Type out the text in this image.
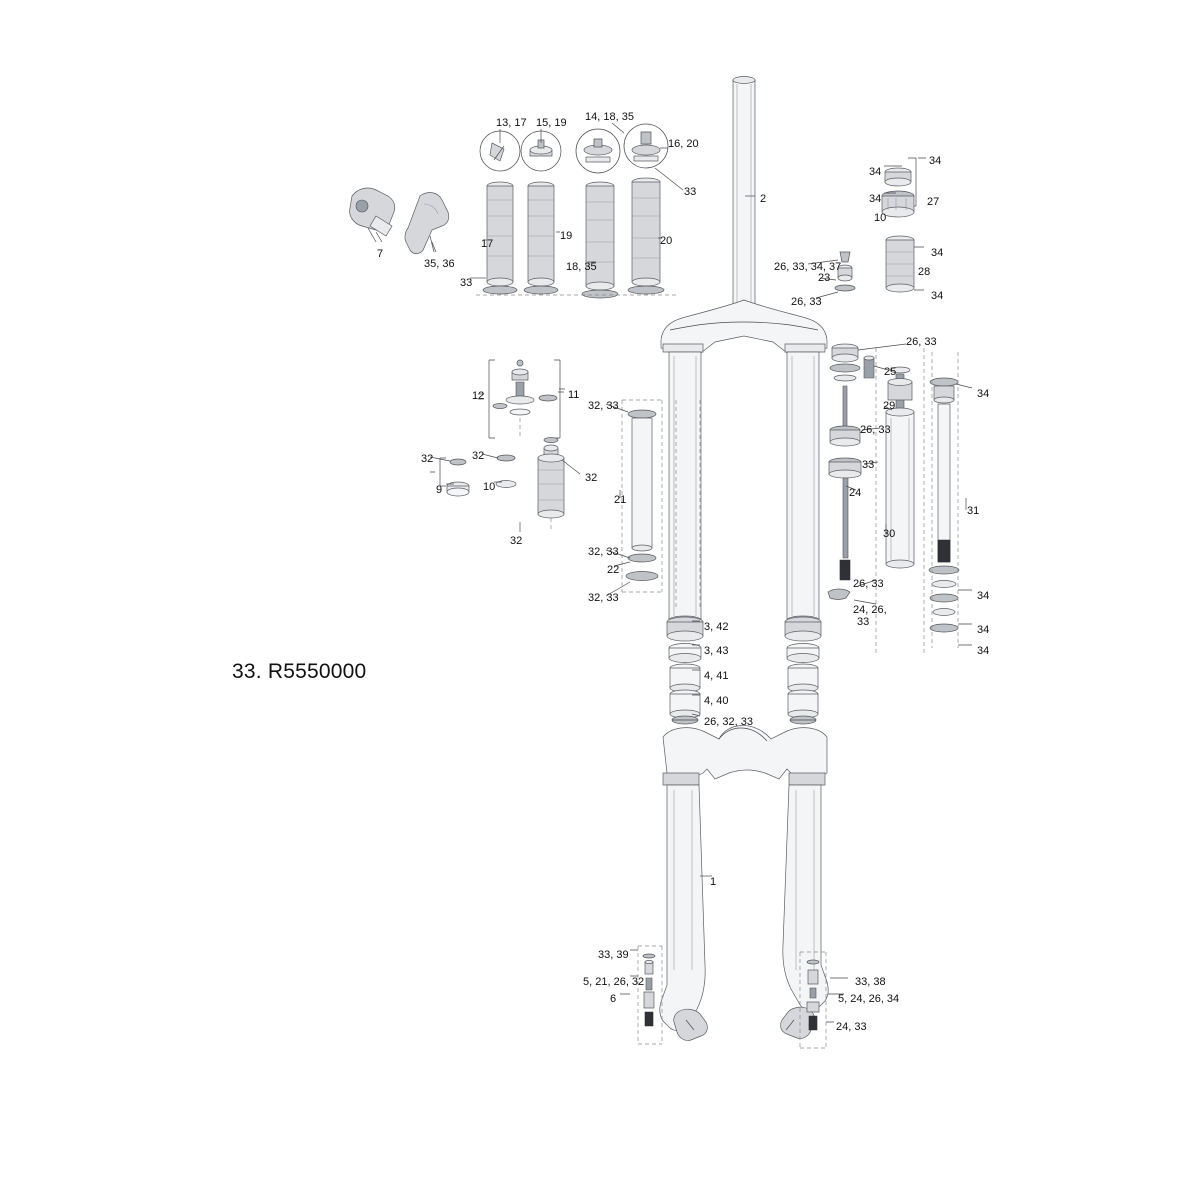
33. R5550000
13, 17 15, 19 14, 18, 35
16, 20
33
2
34
34
34	27
10
26, 33, 34, 37
23
34
28
26, 33	34
7
35, 36
17
19	20
18, 35
33
26, 33
25
34
29
26, 33
33
24
30
31
12	11
32, 33
32	32
9	10
32
21
32
32, 33
22
32, 33
26, 33
34
24, 26,
33
34
34
3, 42
3, 43
4, 41
4, 40
26, 32, 33
1
33, 39
5, 21, 26, 32
6
33, 38
5, 24, 26, 34
24, 33
